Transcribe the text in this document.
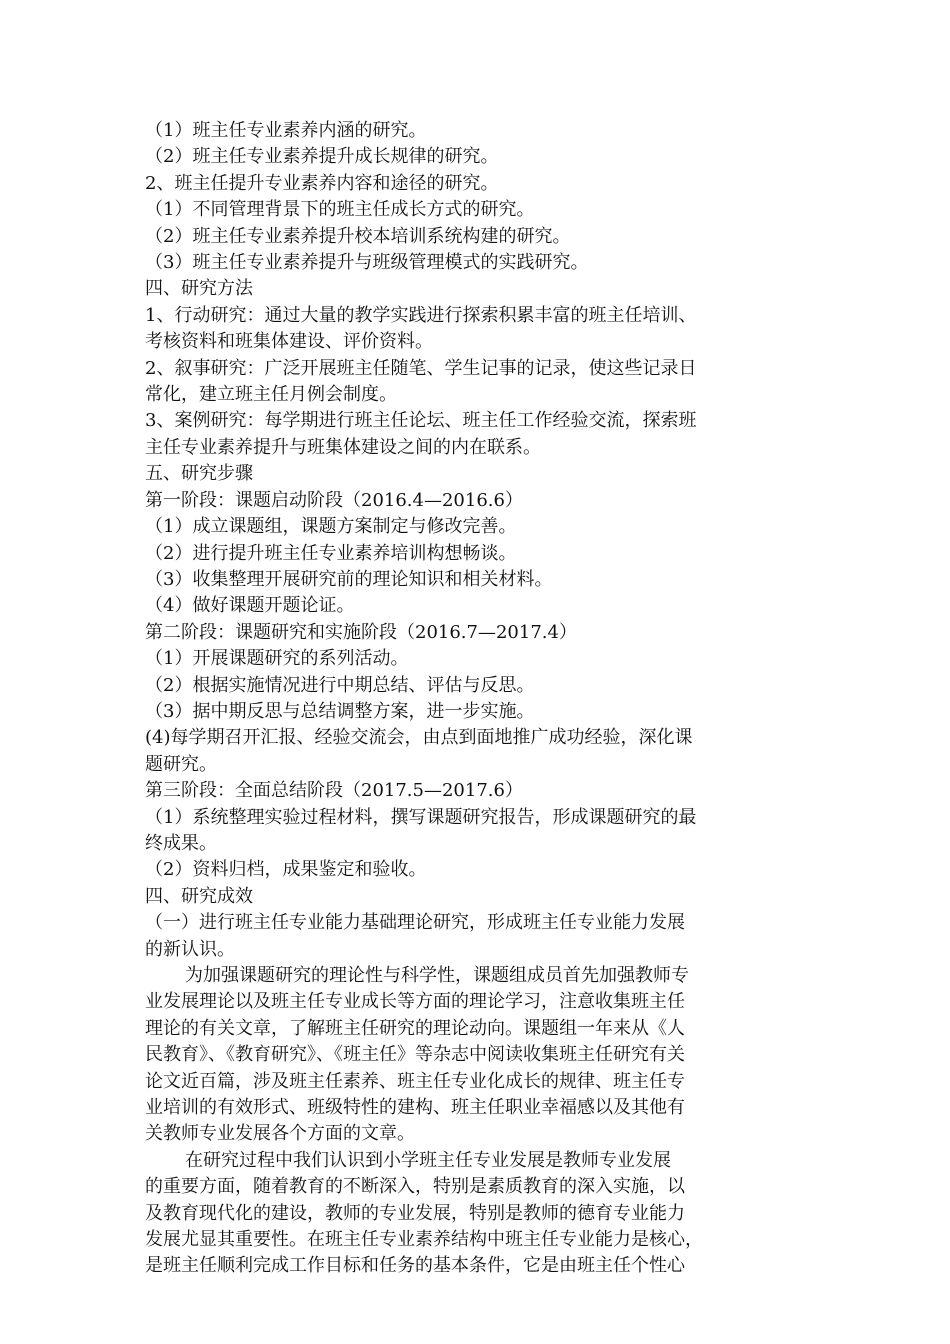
（1）班主任专业素养内涵的研究。
（2）班主任专业素养提升成长规律的研究。
2、班主任提升专业素养内容和途径的研究。
（1）不同管理背景下的班主任成长方式的研究。
（2）班主任专业素养提升校本培训系统构建的研究。
（3）班主任专业素养提升与班级管理模式的实践研究。
四、研究方法
1、行动研究：通过大量的教学实践进行探索积累丰富的班主任培训、
考核资料和班集体建设、评价资料。
2、叙事研究：广泛开展班主任随笔、学生记事的记录，使这些记录日
常化，建立班主任月例会制度。
3、案例研究：每学期进行班主任论坛、班主任工作经验交流，探索班
主任专业素养提升与班集体建设之间的内在联系。
五、研究步骤
第一阶段：课题启动阶段（2016.4—2016.6）
（1）成立课题组，课题方案制定与修改完善。
（2）进行提升班主任专业素养培训构想畅谈。
（3）收集整理开展研究前的理论知识和相关材料。
（4）做好课题开题论证。
第二阶段：课题研究和实施阶段（2016.7—2017.4）
（1）开展课题研究的系列活动。
（2）根据实施情况进行中期总结、评估与反思。
（3）据中期反思与总结调整方案，进一步实施。
(4)每学期召开汇报、经验交流会，由点到面地推广成功经验，深化课
题研究。
第三阶段：全面总结阶段（2017.5—2017.6）
（1）系统整理实验过程材料，撰写课题研究报告，形成课题研究的最
终成果。
（2）资料归档，成果鉴定和验收。
四、研究成效
（一）进行班主任专业能力基础理论研究，形成班主任专业能力发展
的新认识。
为加强课题研究的理论性与科学性，课题组成员首先加强教师专
业发展理论以及班主任专业成长等方面的理论学习，注意收集班主任
理论的有关文章，了解班主任研究的理论动向。课题组一年来从《人
民教育》、《教育研究》、《班主任》等杂志中阅读收集班主任研究有关
论文近百篇，涉及班主任素养、班主任专业化成长的规律、班主任专
业培训的有效形式、班级特性的建构、班主任职业幸福感以及其他有
关教师专业发展各个方面的文章。
在研究过程中我们认识到小学班主任专业发展是教师专业发展
的重要方面，随着教育的不断深入，特别是素质教育的深入实施，以
及教育现代化的建设，教师的专业发展，特别是教师的德育专业能力
发展尤显其重要性。在班主任专业素养结构中班主任专业能力是核心，
是班主任顺利完成工作目标和任务的基本条件，它是由班主任个性心
